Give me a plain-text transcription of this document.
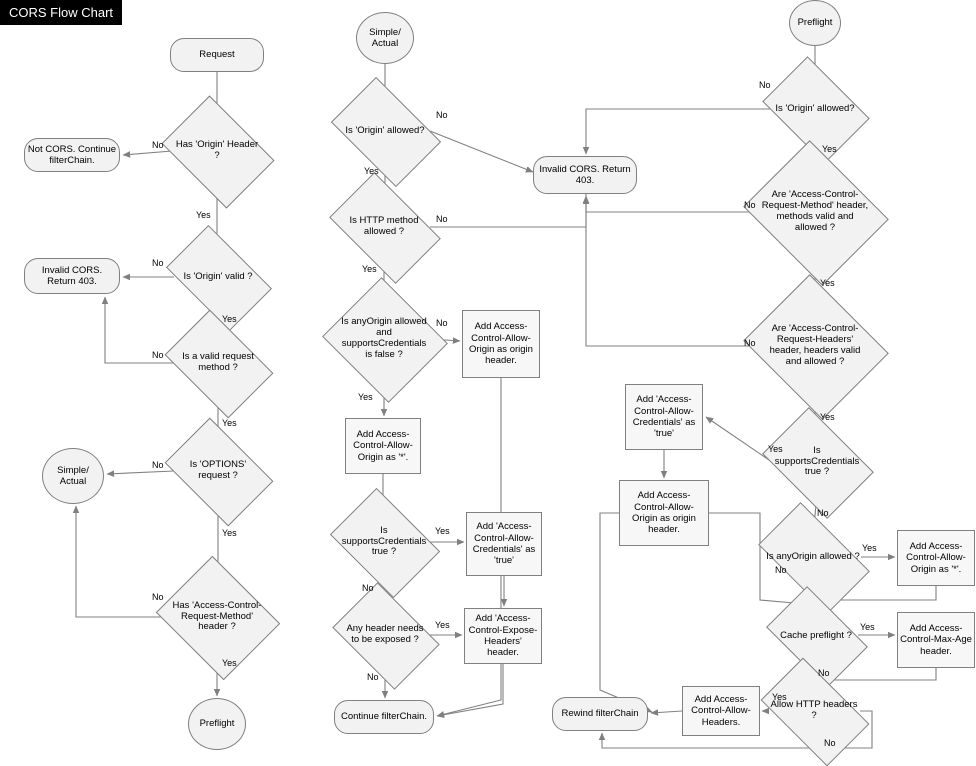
CORS Flow Chart
Request
Has 'Origin' Header ?
Not CORS. Continue filterChain.
Is 'Origin' valid ?
Invalid CORS. Return 403.
Is a valid request method ?
Is 'OPTIONS' request ?
Simple/ Actual
Has 'Access-Control-Request-Method' header ?
Preflight
Simple/ Actual
Is 'Origin' allowed?
Invalid CORS. Return 403.
Is HTTP method allowed ?
Is anyOrigin allowed and supportsCredentials is false ?
Add Access-Control-Allow-Origin as origin header.
Add Access-Control-Allow-Origin as '*'.
Is supportsCredentials true ?
Add 'Access-Control-Allow-Credentials' as 'true'
Any header needs to be exposed ?
Add 'Access-Control-Expose-Headers' header.
Continue filterChain.
Preflight
Is 'Origin' allowed?
Are 'Access-Control-Request-Method' header, methods valid and allowed ?
Are 'Access-Control-Request-Headers' header, headers valid and allowed ?
Add 'Access-Control-Allow-Credentials' as 'true'
Is supportsCredentials true ?
Add Access-Control-Allow-Origin as origin header.
Is anyOrigin allowed ?
Add Access-Control-Allow-Origin as '*'.
Cache preflight ?
Add Access-Control-Max-Age header.
Allow HTTP headers ?
Add Access-Control-Allow-Headers.
Rewind filterChain
No
Yes
No
Yes
No
Yes
No
Yes
No
Yes
No
Yes
No
Yes
No
Yes
Yes
No
Yes
No
No
Yes
No
Yes
No
Yes
Yes
No
Yes
No
Yes
No
Yes
No
